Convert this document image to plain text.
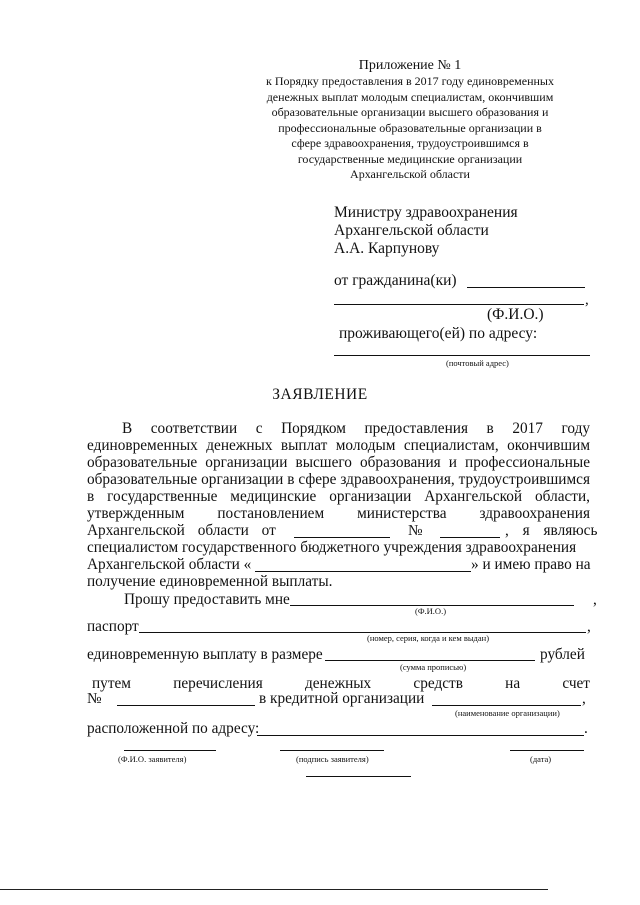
Приложение № 1
к Порядку предоставления в 2017 году единовременных
денежных выплат молодым специалистам, окончившим
образовательные организации высшего образования и
профессиональные образовательные организации в
сфере здравоохранения, трудоустроившимся в
государственные медицинские организации
Архангельской области
Министру здравоохранения
Архангельской области
А.А. Карпунову
от гражданина(ки)
,
(Ф.И.О.)
проживающего(ей) по адресу:
(почтовый адрес)
ЗАЯВЛЕНИЕ
В соответствии с Порядком предоставления в 2017 году
единовременных денежных выплат молодым специалистам, окончившим
образовательные организации высшего образования и профессиональные
образовательные организации в сфере здравоохранения, трудоустроившимся
в государственные медицинские организации Архангельской области,
утвержденным постановлением министерства здравоохранения
Архангельской области от	№	, я являюсь
специалистом государственного бюджетного учреждения здравоохранения
Архангельской области «	» и имею право на
получение единовременной выплаты.
Прошу предоставить мне	,
(Ф.И.О.)
паспорт	,
(номер, серия, когда и кем выдан)
единовременную выплату в размере	рублей
(сумма прописью)
путем перечисления денежных средств на счет
№	в кредитной организации	,
(наименование организации)
расположенной по адресу:	.
(Ф.И.О. заявителя)	(подпись заявителя)	(дата)
